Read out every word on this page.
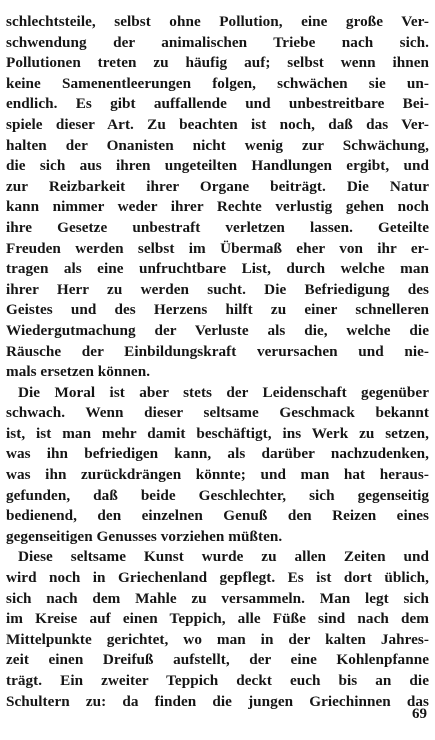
schlechtsteile, selbst ohne Pollution, eine große Ver-
schwendung der animalischen Triebe nach sich.
Pollutionen treten zu häufig auf; selbst wenn ihnen
keine Samenentleerungen folgen, schwächen sie un-
endlich. Es gibt auffallende und unbestreitbare Bei-
spiele dieser Art. Zu beachten ist noch, daß das Ver-
halten der Onanisten nicht wenig zur Schwächung,
die sich aus ihren ungeteilten Handlungen ergibt, und
zur Reizbarkeit ihrer Organe beiträgt. Die Natur
kann nimmer weder ihrer Rechte verlustig gehen noch
ihre Gesetze unbestraft verletzen lassen. Geteilte
Freuden werden selbst im Übermaß eher von ihr er-
tragen als eine unfruchtbare List, durch welche man
ihrer Herr zu werden sucht. Die Befriedigung des
Geistes und des Herzens hilft zu einer schnelleren
Wiedergutmachung der Verluste als die, welche die
Räusche der Einbildungskraft verursachen und nie-
mals ersetzen können.
Die Moral ist aber stets der Leidenschaft gegenüber
schwach. Wenn dieser seltsame Geschmack bekannt
ist, ist man mehr damit beschäftigt, ins Werk zu setzen,
was ihn befriedigen kann, als darüber nachzudenken,
was ihn zurückdrängen könnte; und man hat heraus-
gefunden, daß beide Geschlechter, sich gegenseitig
bedienend, den einzelnen Genuß den Reizen eines
gegenseitigen Genusses vorziehen müßten.
Diese seltsame Kunst wurde zu allen Zeiten und
wird noch in Griechenland gepflegt. Es ist dort üblich,
sich nach dem Mahle zu versammeln. Man legt sich
im Kreise auf einen Teppich, alle Füße sind nach dem
Mittelpunkte gerichtet, wo man in der kalten Jahres-
zeit einen Dreifuß aufstellt, der eine Kohlenpfanne
trägt. Ein zweiter Teppich deckt euch bis an die
Schultern zu: da finden die jungen Griechinnen das
69
